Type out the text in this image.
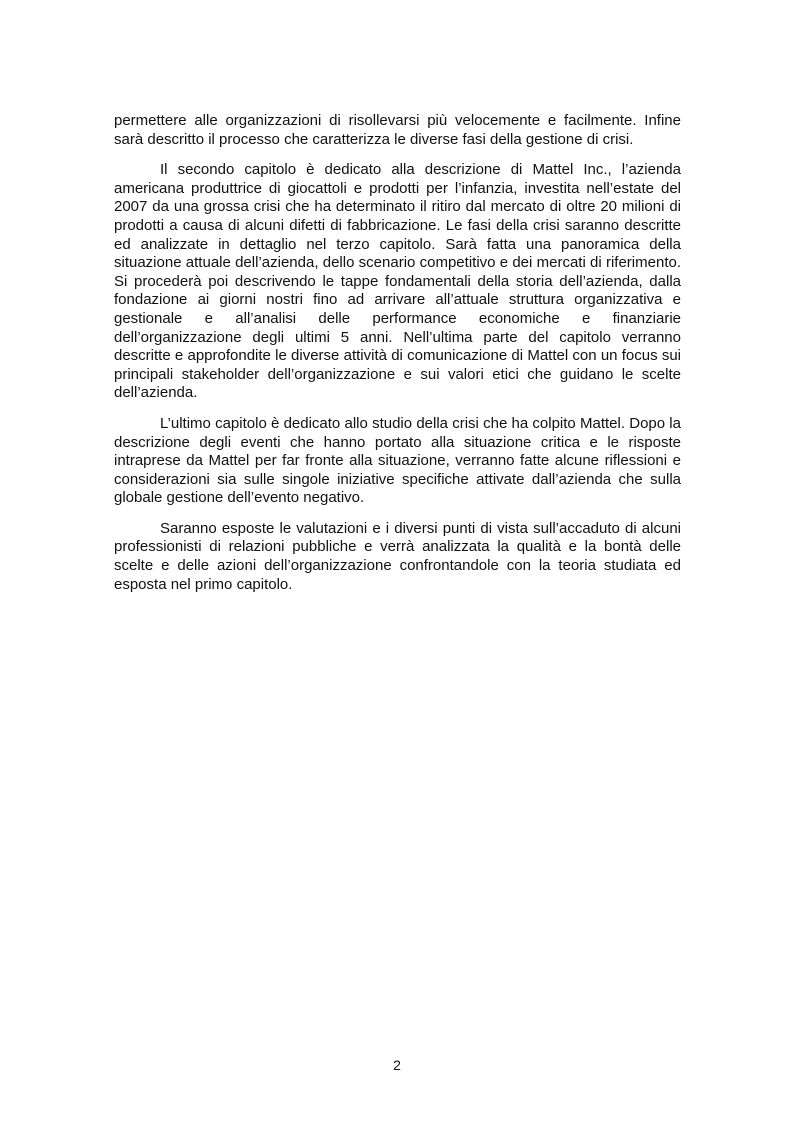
permettere alle organizzazioni di risollevarsi più velocemente e facilmente. Infine sarà descritto il processo che caratterizza le diverse fasi della gestione di crisi.

Il secondo capitolo è dedicato alla descrizione di Mattel Inc., l’azienda americana produttrice di giocattoli e prodotti per l’infanzia, investita nell’estate del 2007 da una grossa crisi che ha determinato il ritiro dal mercato di oltre 20 milioni di prodotti a causa di alcuni difetti di fabbricazione. Le fasi della crisi saranno descritte ed analizzate in dettaglio nel terzo capitolo. Sarà fatta una panoramica della situazione attuale dell’azienda, dello scenario competitivo e dei mercati di riferimento. Si procederà poi descrivendo le tappe fondamentali della storia dell’azienda, dalla fondazione ai giorni nostri fino ad arrivare all’attuale struttura organizzativa e gestionale e all’analisi delle performance economiche e finanziarie dell’organizzazione degli ultimi 5 anni. Nell’ultima parte del capitolo verranno descritte e approfondite le diverse attività di comunicazione di Mattel con un focus sui principali stakeholder dell’organizzazione e sui valori etici che guidano le scelte dell’azienda.

L’ultimo capitolo è dedicato allo studio della crisi che ha colpito Mattel. Dopo la descrizione degli eventi che hanno portato alla situazione critica e le risposte intraprese da Mattel per far fronte alla situazione, verranno fatte alcune riflessioni e considerazioni sia sulle singole iniziative specifiche attivate dall’azienda che sulla globale gestione dell’evento negativo.

Saranno esposte le valutazioni e i diversi punti di vista sull’accaduto di alcuni professionisti di relazioni pubbliche e verrà analizzata la qualità e la bontà delle scelte e delle azioni dell’organizzazione confrontandole con la teoria studiata ed esposta nel primo capitolo.

2
